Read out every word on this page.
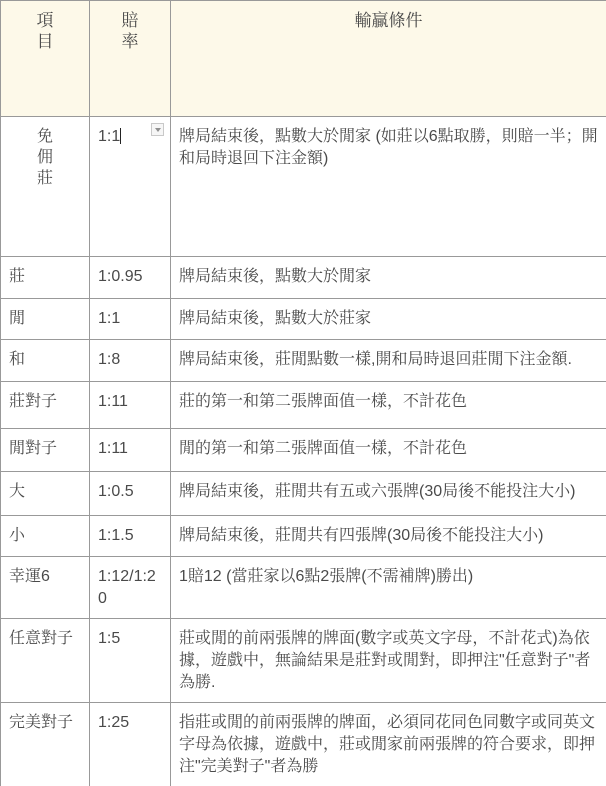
項目	賠率	輸贏條件
免佣莊	1:1	牌局結束後，點數大於閒家 (如莊以6點取勝，則賠一半；開和局時退回下注金額)
莊	1:0.95	牌局結束後，點數大於閒家
閒	1:1	牌局結束後，點數大於莊家
和	1:8	牌局結束後，莊閒點數一樣,開和局時退回莊閒下注金額.
莊對子	1:11	莊的第一和第二張牌面值一樣，不計花色
閒對子	1:11	閒的第一和第二張牌面值一樣，不計花色
大	1:0.5	牌局結束後，莊閒共有五或六張牌(30局後不能投注大小)
小	1:1.5	牌局結束後，莊閒共有四張牌(30局後不能投注大小)
幸運6	1:12/1:20	1賠12 (當莊家以6點2張牌(不需補牌)勝出)
任意對子	1:5	莊或閒的前兩張牌的牌面(數字或英文字母，不計花式)為依據，遊戲中，無論結果是莊對或閒對，即押注"任意對子"者為勝.
完美對子	1:25	指莊或閒的前兩張牌的牌面，必須同花同色同數字或同英文字母為依據，遊戲中，莊或閒家前兩張牌的符合要求，即押注"完美對子"者為勝
